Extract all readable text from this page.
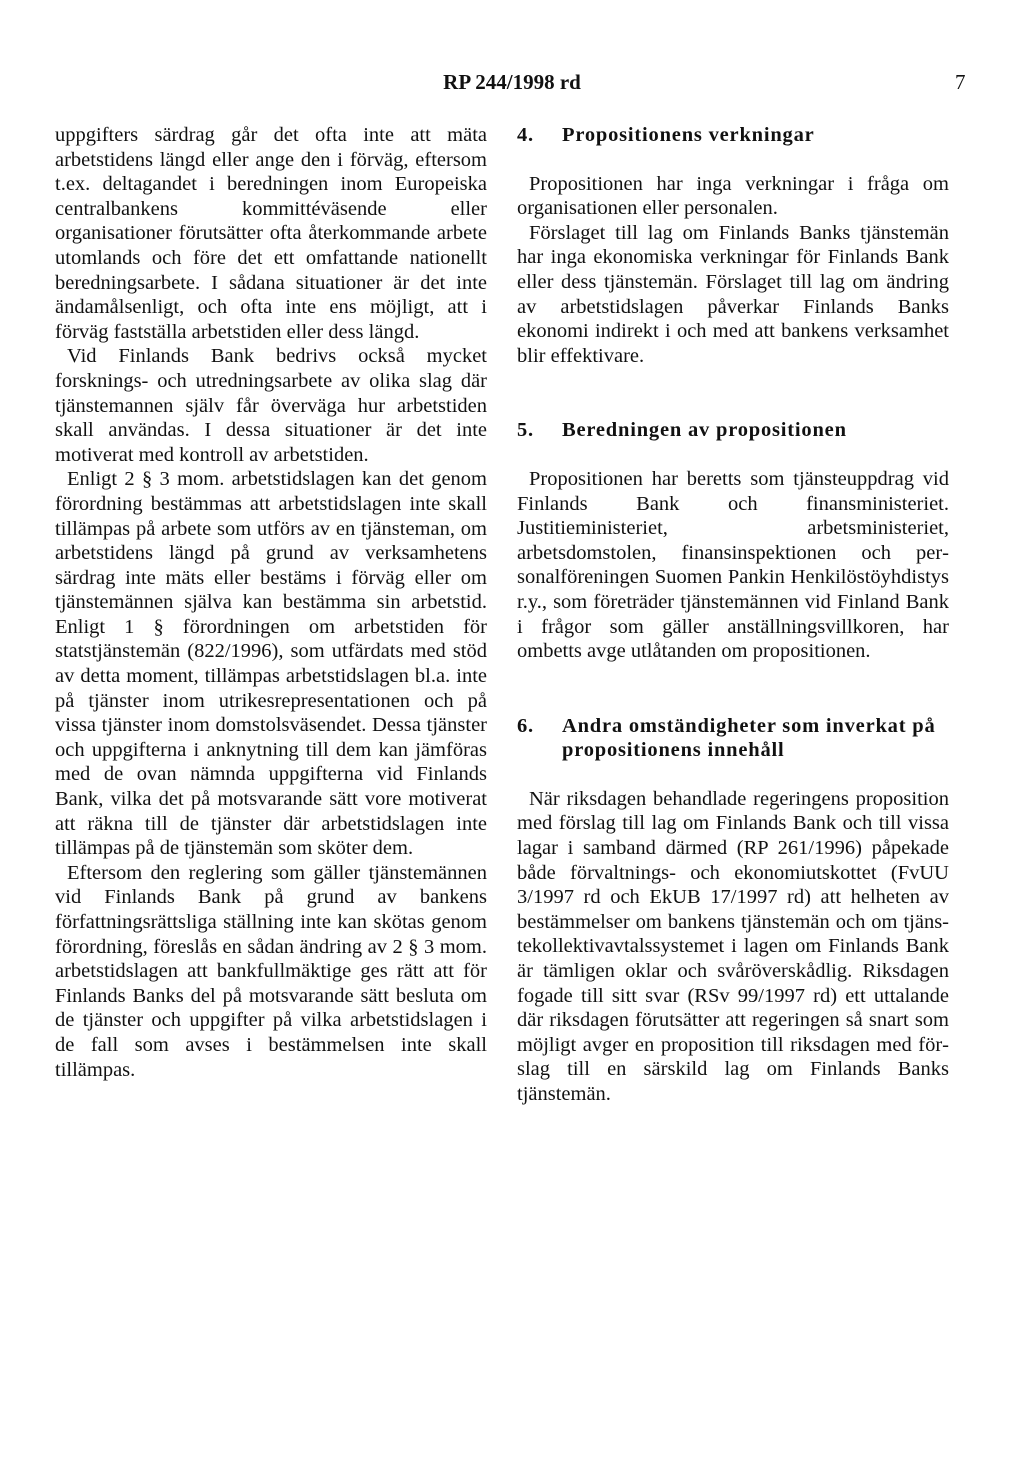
RP 244/1998 rd	7

uppgifters särdrag går det ofta inte att mäta arbetstidens längd eller ange den i förväg, eftersom t.ex. deltagandet i beredningen inom Europeiska centralbankens kommittéväsende eller organisationer förutsätter ofta återkommande arbete utomlands och före det ett omfattande nationellt beredningsarbete. I sådana situationer är det inte ändamålsenligt, och ofta inte ens möjligt, att i förväg fastställa arbetstiden eller dess längd.

Vid Finlands Bank bedrivs också mycket forsknings- och utredningsarbete av olika slag där tjänstemannen själv får överväga hur arbetstiden skall användas. I dessa situationer är det inte motiverat med kontroll av arbetstiden.

Enligt 2 § 3 mom. arbetstidslagen kan det genom förordning bestämmas att arbetstidslagen inte skall tillämpas på arbete som utförs av en tjänsteman, om arbetstidens längd på grund av verksamhetens särdrag inte mäts eller bestäms i förväg eller om tjänstemännen själva kan bestämma sin arbetstid. Enligt 1 § förordningen om arbetstiden för statstjänstemän (822/1996), som utfärdats med stöd av detta moment, tillämpas arbetstidslagen bl.a. inte på tjänster inom utrikesrepresentationen och på vissa tjänster inom domstolsväsendet. Dessa tjänster och uppgifterna i anknytning till dem kan jämföras med de ovan nämnda uppgifterna vid Finlands Bank, vilka det på motsvarande sätt vore motiverat att räkna till de tjänster där arbetstidslagen inte tillämpas på de tjänstemän som sköter dem.

Eftersom den reglering som gäller tjänstemännen vid Finlands Bank på grund av bankens författningsrättsliga ställning inte kan skötas genom förordning, föreslås en sådan ändring av 2 § 3 mom. arbetstidslagen att bankfullmäktige ges rätt att för Finlands Banks del på motsvarande sätt besluta om de tjänster och uppgifter på vilka arbetstidslagen i de fall som avses i bestämmelsen inte skall tillämpas.

4.	Propositionens verkningar

Propositionen har inga verkningar i fråga om organisationen eller personalen.

Förslaget till lag om Finlands Banks tjänstemän har inga ekonomiska verkningar för Finlands Bank eller dess tjänstemän. Förslaget till lag om ändring av arbetstidslagen påverkar Finlands Banks ekonomi indirekt i och med att bankens verksamhet blir effektivare.

5.	Beredningen av propositionen

Propositionen har beretts som tjänsteuppdrag vid Finlands Bank och finansministeriet. Justitieministeriet, arbetsministeriet, arbetsdomstolen, finansinspektionen och personalföreningen Suomen Pankin Henkilöstöyhdistys r.y., som företräder tjänstemännen vid Finland Bank i frågor som gäller anställningsvillkoren, har ombetts avge utlåtanden om propositionen.

6.	Andra omständigheter som inverkat på propositionens innehåll

När riksdagen behandlade regeringens proposition med förslag till lag om Finlands Bank och till vissa lagar i samband därmed (RP 261/1996) påpekade både förvaltnings- och ekonomiutskottet (FvUU 3/1997 rd och EkUB 17/1997 rd) att helheten av bestämmelser om bankens tjänstemän och om tjänstekollektivavtalssystemet i lagen om Finlands Bank är tämligen oklar och svåröverskådlig. Riksdagen fogade till sitt svar (RSv 99/1997 rd) ett uttalande där riksdagen förutsätter att regeringen så snart som möjligt avger en proposition till riksdagen med förslag till en särskild lag om Finlands Banks tjänstemän.
